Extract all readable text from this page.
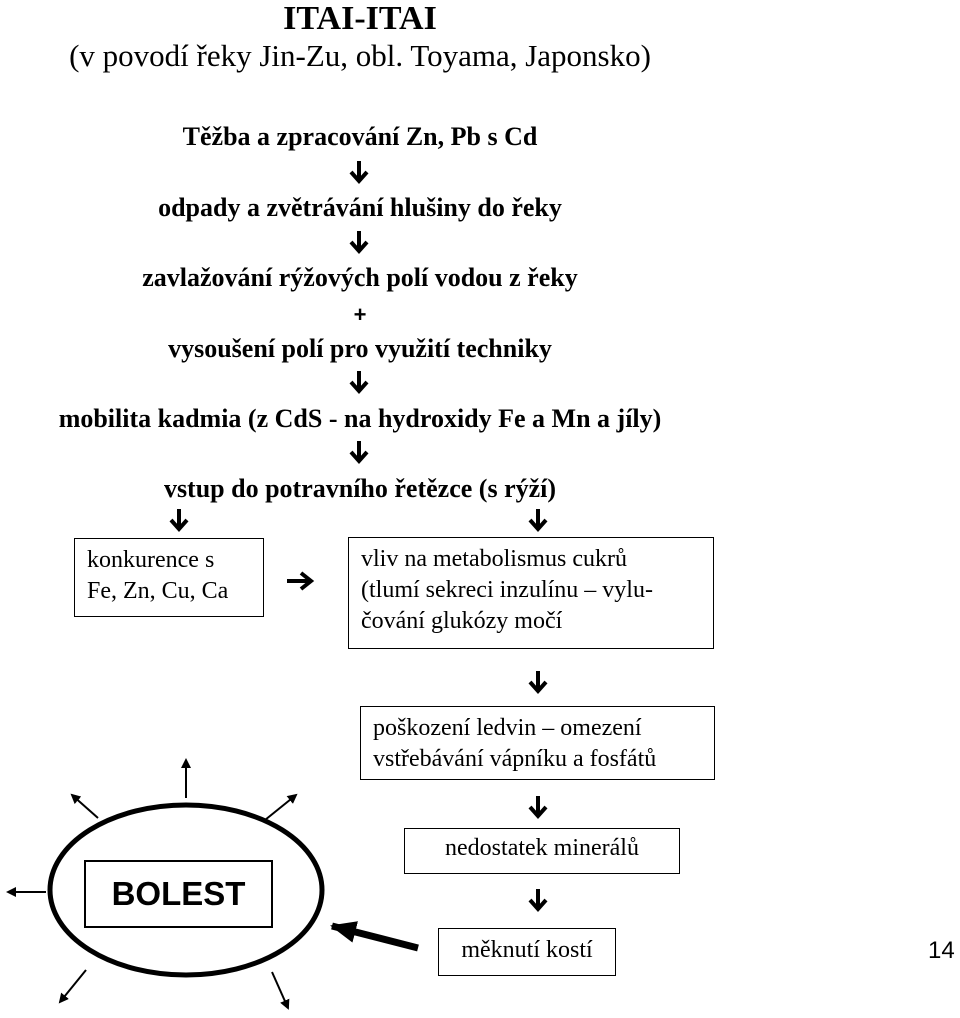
ITAI-ITAI
(v povodí řeky Jin-Zu, obl. Toyama, Japonsko)
Těžba a zpracování Zn, Pb s Cd
odpady a zvětrávání hlušiny do řeky
zavlažování rýžových polí vodou z řeky
+
vysoušení polí pro využití techniky
mobilita kadmia (z CdS - na hydroxidy Fe a Mn a jíly)
vstup do potravního řetězce (s rýží)
konkurence s
Fe, Zn, Cu, Ca
vliv na metabolismus cukrů
(tlumí sekreci inzulínu – vylu-
čování glukózy močí
poškození ledvin – omezení
vstřebávání vápníku a fosfátů
nedostatek minerálů
měknutí kostí
BOLEST
14
